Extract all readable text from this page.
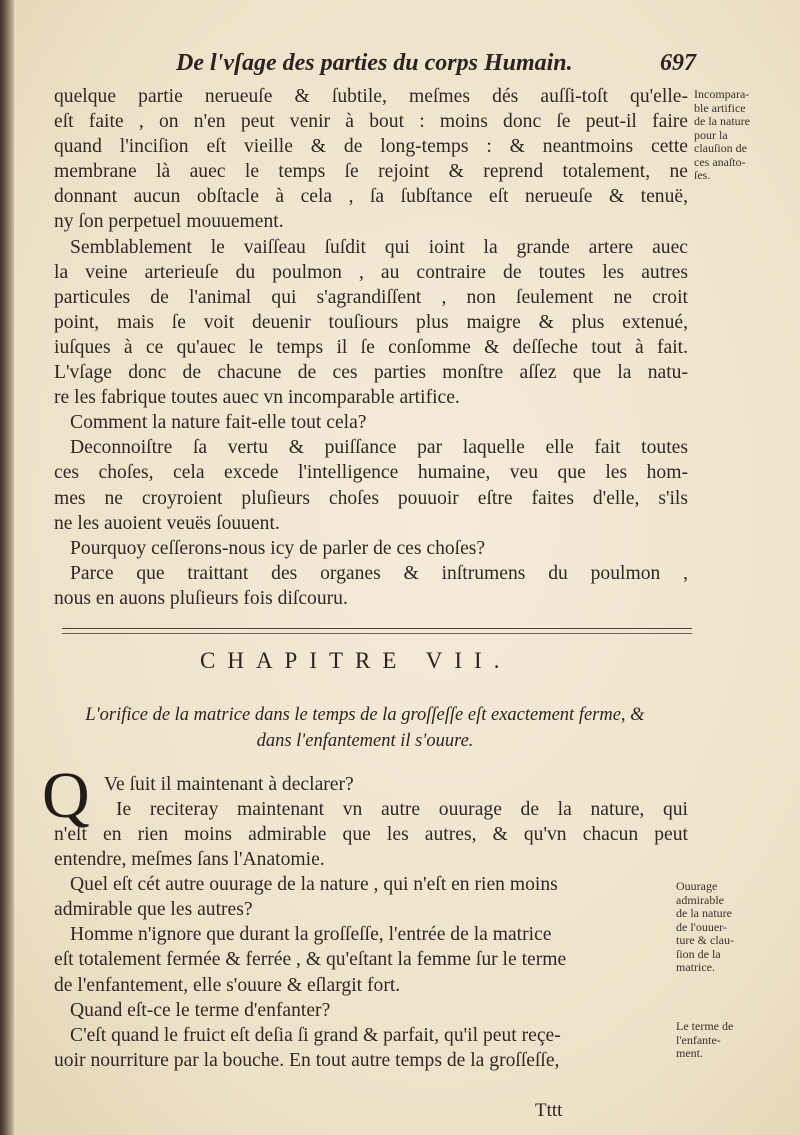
De l'vſage des parties du corps Humain.	697
quelque partie nerueuſe & ſubtile, meſmes dés auſſi-toſt qu'elle-
eſt faite , on n'en peut venir à bout : moins donc ſe peut-il faire
quand l'inciſion eſt vieille & de long-temps : & neantmoins cette
membrane là auec le temps ſe rejoint & reprend totalement, ne
donnant aucun obſtacle à cela , ſa ſubſtance eſt nerueuſe & tenuë,
ny ſon perpetuel mouuement.
Semblablement le vaiſſeau ſuſdit qui ioint la grande artere auec
la veine arterieuſe du poulmon , au contraire de toutes les autres
particules de l'animal qui s'agrandiſſent , non ſeulement ne croit
point, mais ſe voit deuenir touſiours plus maigre & plus extenué,
iuſques à ce qu'auec le temps il ſe conſomme & deſſeche tout à fait.
L'vſage donc de chacune de ces parties monſtre aſſez que la natu-
re les fabrique toutes auec vn incomparable artifice.
Comment la nature fait-elle tout cela?
Deconnoiſtre ſa vertu & puiſſance par laquelle elle fait toutes
ces choſes, cela excede l'intelligence humaine, veu que les hom-
mes ne croyroient pluſieurs choſes pouuoir eſtre faites d'elle, s'ils
ne les auoient veuës ſouuent.
Pourquoy ceſſerons-nous icy de parler de ces choſes?
Parce que traittant des organes & inſtrumens du poulmon ,
nous en auons pluſieurs fois diſcouru.
Incompara-
ble artifice
de la nature
pour la
clauſion de
ces anaſto-
ſes.
CHAPITRE VII.
L'orifice de la matrice dans le temps de la groſſeſſe eſt exactement ferme, &
dans l'enfantement il s'ouure.
Q Ve ſuit il maintenant à declarer?
Ie reciteray maintenant vn autre ouurage de la nature, qui
n'eſt en rien moins admirable que les autres, & qu'vn chacun peut
entendre, meſmes ſans l'Anatomie.
Quel eſt cét autre ouurage de la nature , qui n'eſt en rien moins
admirable que les autres?
Homme n'ignore que durant la groſſeſſe, l'entrée de la matrice
eſt totalement fermée & ferrée , & qu'eſtant la femme ſur le terme
de l'enfantement, elle s'ouure & eſlargit fort.
Quand eſt-ce le terme d'enfanter?
C'eſt quand le fruict eſt deſia ſi grand & parfait, qu'il peut reçe-
uoir nourriture par la bouche. En tout autre temps de la groſſeſſe,
Ouurage
admirable
de la nature
de l'ouuer-
ture & clau-
ſion de la
matrice.
Le terme de
l'enfante-
ment.
Tttt
